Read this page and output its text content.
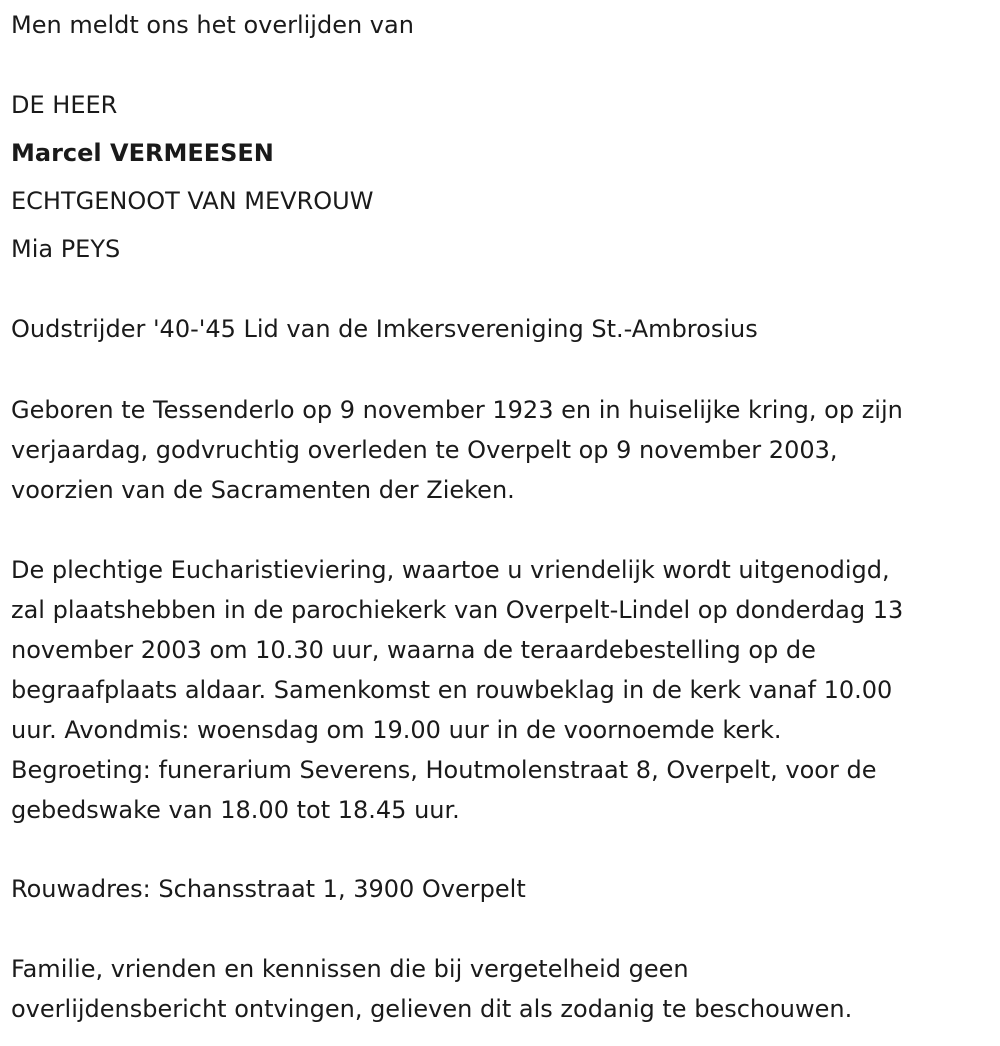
Men meldt ons het overlijden van
DE HEER
Marcel VERMEESEN
ECHTGENOOT VAN MEVROUW
Mia PEYS
Oudstrijder '40-'45 Lid van de Imkersvereniging St.-Ambrosius
Geboren te Tessenderlo op 9 november 1923 en in huiselijke kring, op zijn
verjaardag, godvruchtig overleden te Overpelt op 9 november 2003,
voorzien van de Sacramenten der Zieken.
De plechtige Eucharistieviering, waartoe u vriendelijk wordt uitgenodigd,
zal plaatshebben in de parochiekerk van Overpelt-Lindel op donderdag 13
november 2003 om 10.30 uur, waarna de teraardebestelling op de
begraafplaats aldaar. Samenkomst en rouwbeklag in de kerk vanaf 10.00
uur. Avondmis: woensdag om 19.00 uur in de voornoemde kerk.
Begroeting: funerarium Severens, Houtmolenstraat 8, Overpelt, voor de
gebedswake van 18.00 tot 18.45 uur.
Rouwadres: Schansstraat 1, 3900 Overpelt
Familie, vrienden en kennissen die bij vergetelheid geen
overlijdensbericht ontvingen, gelieven dit als zodanig te beschouwen.
